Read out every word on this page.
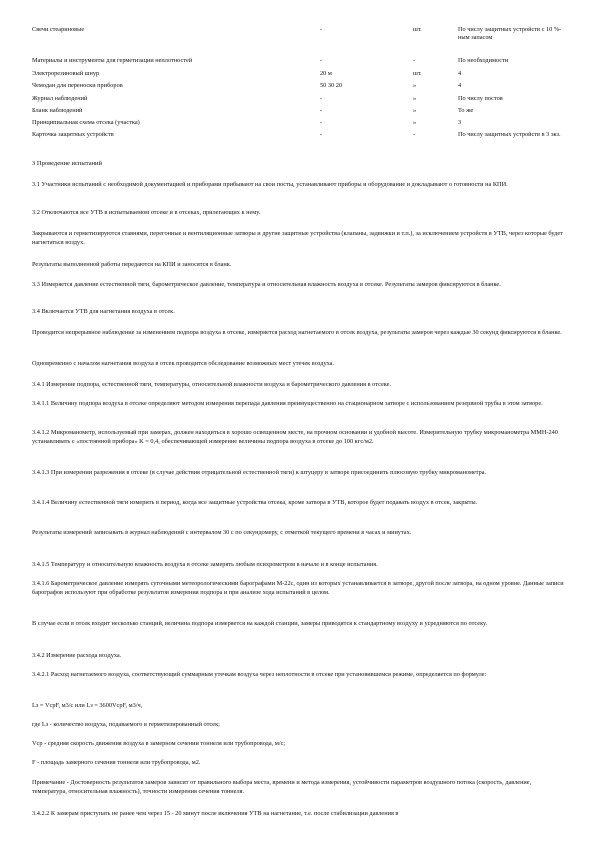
Свечи стеариновые	-	шт.	По числу защитных устройств с 10 %-ным запасом
Материалы и инструменты для герметизации неплотностей	-	-	По необходимости
Электрорезиновый шнур	20 м	шт.	4
Чемодан для переноски приборов	50 30 20	»	4
Журнал наблюдений	-	»	По числу постов
Бланк наблюдений	-	»	То же
Принципиальная схема отсека (участка)	-	»	3
Карточка защитных устройств	-	-	По числу защитных устройств в 3 экз.

3 Проведение испытаний

3.1 Участники испытаний с необходимой документацией и приборами прибывают на свои посты, устанавливают приборы и оборудование и докладывают о готовности на КПИ.

3.2 Отключаются все УТВ в испытываемом отсеке и в отсеках, прилегающих к нему.

Закрываются и герметизируются ставнями, перегонные и вентиляционные затворы и другие защитные устройства (клапаны, задвижки и т.п.), за исключением устройств в УТВ, через которые будет нагнетаться воздух.

Результаты выполненной работы передаются на КПИ и заносятся в бланк.

3.3 Измеряется давление естественной тяги, барометрическое давление, температура и относительная влажность воздуха в отсеке. Результаты замеров фиксируются в бланке.

3.4 Включается УТВ для нагнетания воздуха в отсек.

Проводится непрерывное наблюдение за изменением подпора воздуха в отсеке, измеряется расход нагнетаемого в отсек воздуха, результаты замеров через каждые 30 секунд фиксируются в бланке.

Одновременно с началом нагнетания воздуха в отсек проводится обследование возможных мест утечек воздуха.

3.4.1 Измерение подпора, естественной тяги, температуры, относительной влажности воздуха и барометрического давления в отсеке.

3.4.1.1 Величину подпора воздуха в отсеке определяют методом измерения перепада давления преимущественно на стационарном затворе с использованием резервной трубы в этом затворе.

3.4.1.2 Микроманометр, используемый при замерах, должен находиться в хорошо освещенном месте, на прочном основании и удобной высоте. Измерительную трубку микроманометра ММН-240 устанавливать с «постоянной прибора» K = 0,4, обеспечивающей измерение величины подпора воздуха в отсеке до 100 кгс/м2.

3.4.1.3 При измерении разрежения в отсеке (в случае действия отрицательной естественной тяги) к штуцеру в затворе присоединить плюсовую трубку микроманометра.

3.4.1.4 Величину естественной тяги измерить в период, когда все защитные устройства отсека, кроме затвора в УТВ, которое будет подавать воздух в отсек, закрыты.

Результаты измерений записывать в журнал наблюдений с интервалом 30 с по секундомеру, с отметкой текущего времени в часах и минутах.

3.4.1.5 Температуру и относительную влажность воздуха в отсеке замерять любым психрометром в начале и в конце испытания.

3.4.1.6 Барометрическое давление измерять суточными метеорологическими барографами М-22с, один из которых устанавливается в затворе, другой после затвора, на одном уровне. Данные записи барографов используют при обработке результатов измерения подпора и при анализе хода испытаний в целом.

В случае если в отсек входит несколько станций, величина подпора измеряется на каждой станции, замеры приводятся к стандартному воздуху и усредняются по отсеку.

3.4.2 Измерение расхода воздуха.

3.4.2.1 Расход нагнетаемого воздуха, соответствующий суммарным утечкам воздуха через неплотности в отсеке при установившемся режиме, определяется по формуле:

Lз = VсрF, м3/с или Lз = 3600VсрF, м3/ч,

где Lз - количество воздуха, подаваемого в герметизированный отсек;

Vср - средняя скорость движения воздуха в замерном сечении тоннеля или трубопровода, м/с;

F - площадь замерного сечения тоннеля или трубопровода, м2.

Примечание - Достоверность результатов замеров зависит от правильного выбора места, времени и метода измерения, устойчивости параметров воздушного потока (скорость, давление, температура, относительная влажность), точности измерения сечения тоннеля.

3.4.2.2 К замерам приступать не ранее чем через 15 - 20 минут после включения УТВ на нагнетание, т.е. после стабилизации давления в
